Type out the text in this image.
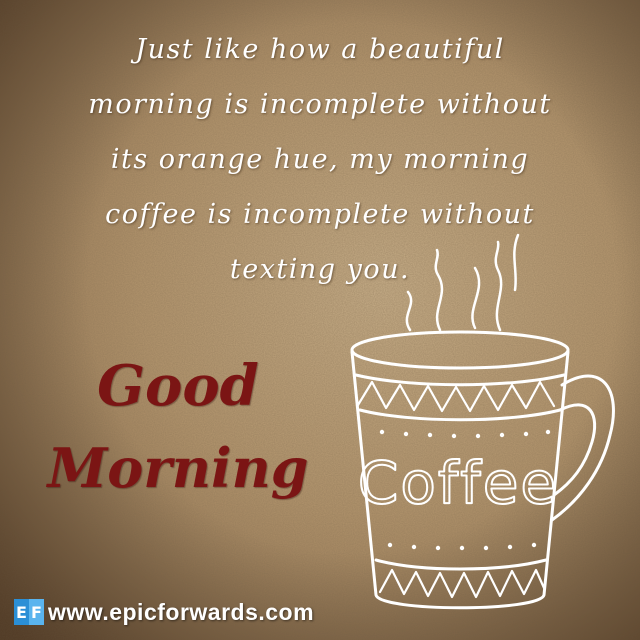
Just like how a beautiful
morning is incomplete without
its orange hue, my morning
coffee is incomplete without
texting you.
Good
Morning Coffee
E F www.epicforwards.com
